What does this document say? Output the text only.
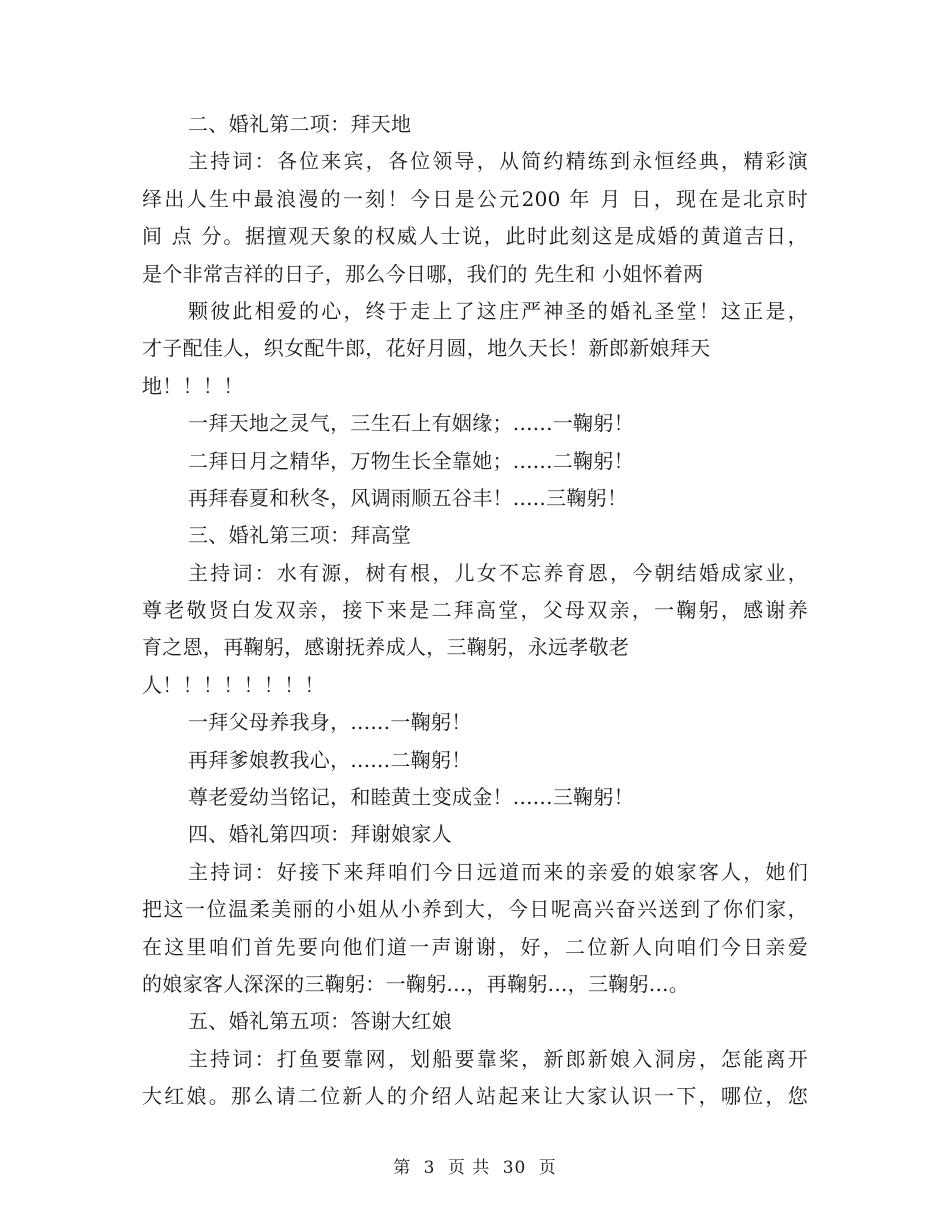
二、婚礼第二项：拜天地
主持词：各位来宾，各位领导，从简约精练到永恒经典，精彩演
绎出人生中最浪漫的一刻！今日是公元200 年 月 日，现在是北京时
间 点 分。据擅观天象的权威人士说，此时此刻这是成婚的黄道吉日，
是个非常吉祥的日子，那么今日哪，我们的 先生和 小姐怀着两
颗彼此相爱的心，终于走上了这庄严神圣的婚礼圣堂！这正是，
才子配佳人，织女配牛郎，花好月圆，地久天长！新郎新娘拜天
地！！！！
一拜天地之灵气，三生石上有姻缘；......一鞠躬！
二拜日月之精华，万物生长全靠她；......二鞠躬！
再拜春夏和秋冬，风调雨顺五谷丰！.....三鞠躬！
三、婚礼第三项：拜高堂
主持词：水有源，树有根，儿女不忘养育恩，今朝结婚成家业，
尊老敬贤白发双亲，接下来是二拜高堂，父母双亲，一鞠躬，感谢养
育之恩，再鞠躬，感谢抚养成人，三鞠躬，永远孝敬老
人！！！！！！！！
一拜父母养我身，......一鞠躬！
再拜爹娘教我心，......二鞠躬！
尊老爱幼当铭记，和睦黄土变成金！......三鞠躬！
四、婚礼第四项：拜谢娘家人
主持词：好接下来拜咱们今日远道而来的亲爱的娘家客人，她们
把这一位温柔美丽的小姐从小养到大，今日呢高兴奋兴送到了你们家，
在这里咱们首先要向他们道一声谢谢，好，二位新人向咱们今日亲爱
的娘家客人深深的三鞠躬：一鞠躬...，再鞠躬...，三鞠躬...。
五、婚礼第五项：答谢大红娘
主持词：打鱼要靠网，划船要靠桨，新郎新娘入洞房，怎能离开
大红娘。那么请二位新人的介绍人站起来让大家认识一下，哪位，您
第 3 页 共 30 页
